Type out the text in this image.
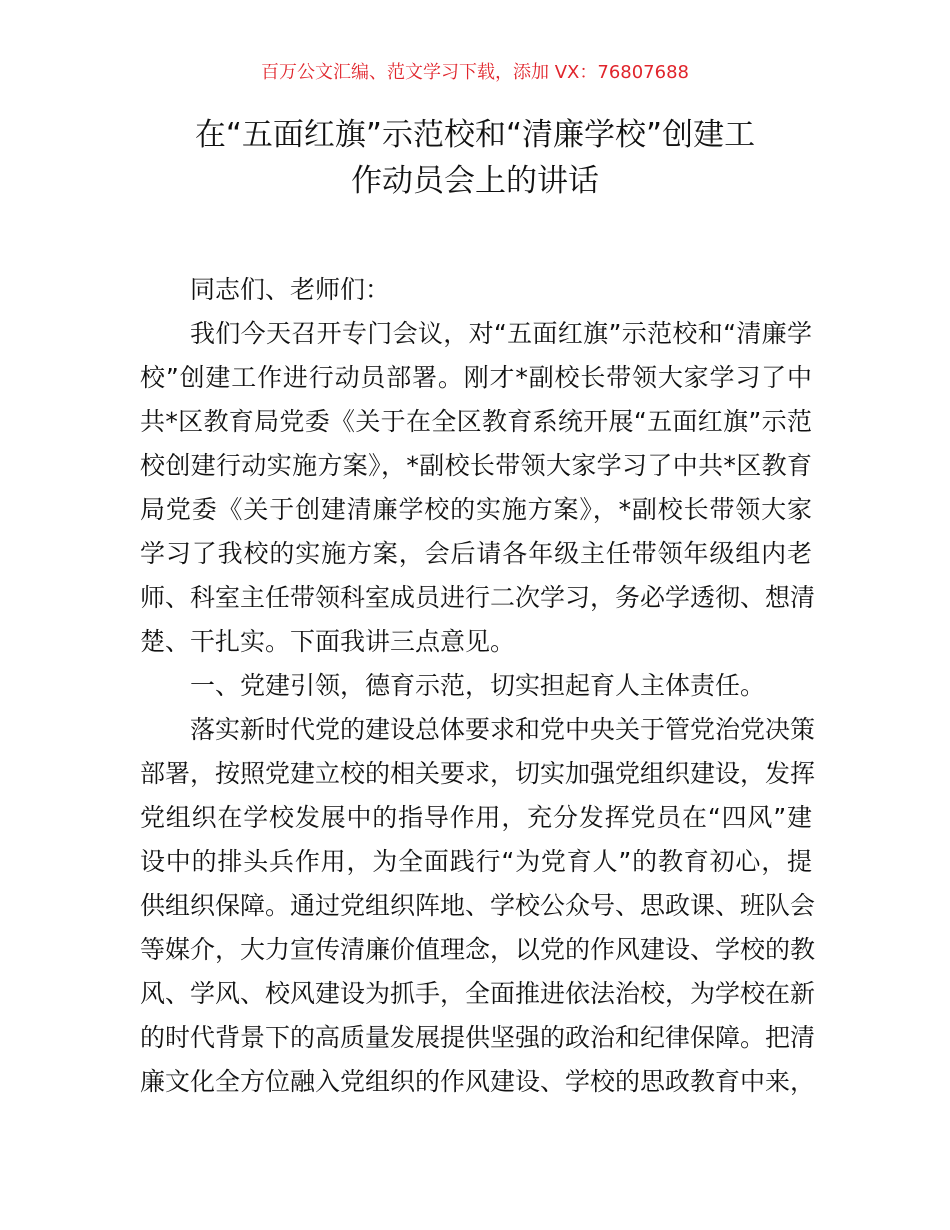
百万公文汇编、范文学习下载，添加 VX：76807688
在“五面红旗”示范校和“清廉学校”创建工
作动员会上的讲话
同志们、老师们：
我们今天召开专门会议，对“五面红旗”示范校和“清廉学
校”创建工作进行动员部署。刚才*副校长带领大家学习了中
共*区教育局党委《关于在全区教育系统开展“五面红旗”示范
校创建行动实施方案》，*副校长带领大家学习了中共*区教育
局党委《关于创建清廉学校的实施方案》，*副校长带领大家
学习了我校的实施方案，会后请各年级主任带领年级组内老
师、科室主任带领科室成员进行二次学习，务必学透彻、想清
楚、干扎实。下面我讲三点意见。
一、党建引领，德育示范，切实担起育人主体责任。
落实新时代党的建设总体要求和党中央关于管党治党决策
部署，按照党建立校的相关要求，切实加强党组织建设，发挥
党组织在学校发展中的指导作用，充分发挥党员在“四风”建
设中的排头兵作用，为全面践行“为党育人”的教育初心，提
供组织保障。通过党组织阵地、学校公众号、思政课、班队会
等媒介，大力宣传清廉价值理念，以党的作风建设、学校的教
风、学风、校风建设为抓手，全面推进依法治校，为学校在新
的时代背景下的高质量发展提供坚强的政治和纪律保障。把清
廉文化全方位融入党组织的作风建设、学校的思政教育中来，
